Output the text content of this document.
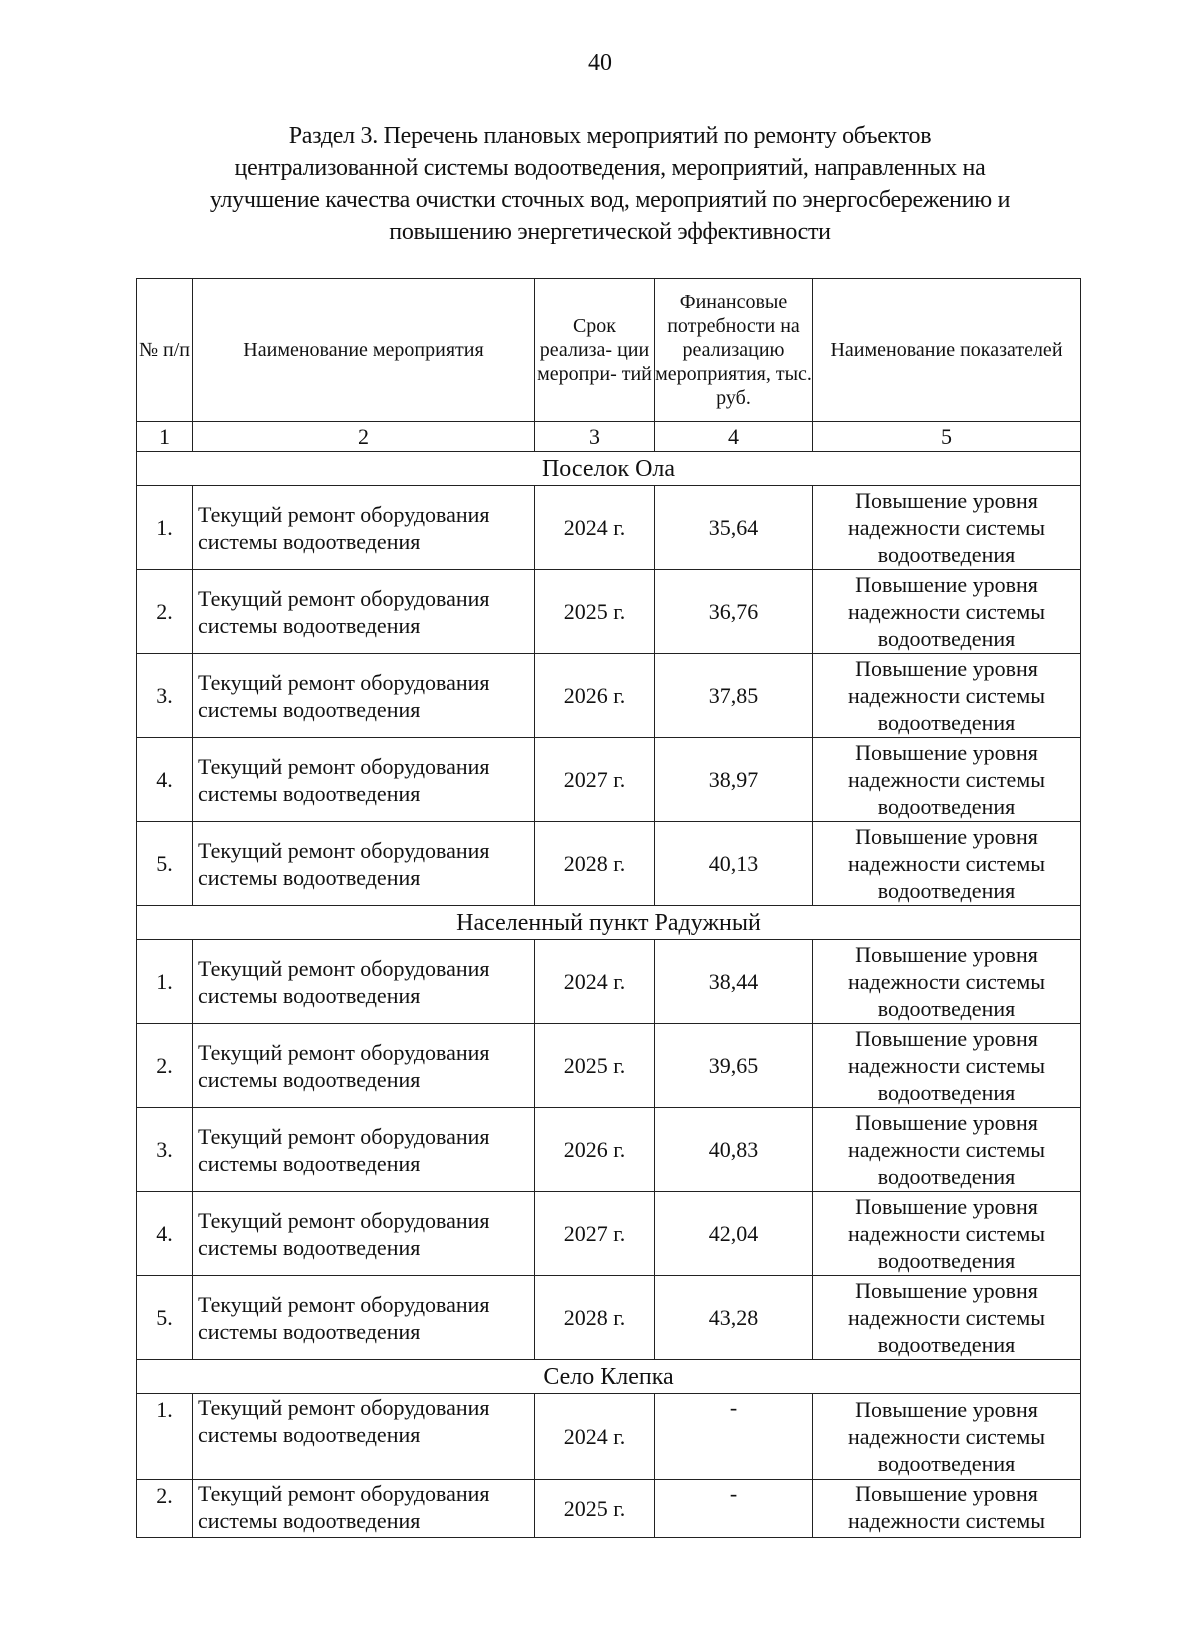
40
Раздел 3. Перечень плановых мероприятий по ремонту объектов
централизованной системы водоотведения, мероприятий, направленных на
улучшение качества очистки сточных вод, мероприятий по энергосбережению и
повышению энергетической эффективности
№ п/п	Наименование мероприятия	Срок реализа- ции меропри- тий	Финансовые потребности на реализацию мероприятия, тыс. руб.	Наименование показателей
1	2	3	4	5
Поселок Ола				
1.	Текущий ремонт оборудования системы водоотведения	2024 г.	35,64	Повышение уровня
надежности системы
водоотведения

2.	Текущий ремонт оборудования системы водоотведения	2025 г.	36,76	Повышение уровня
надежности системы
водоотведения

3.	Текущий ремонт оборудования системы водоотведения	2026 г.	37,85	Повышение уровня
надежности системы
водоотведения

4.	Текущий ремонт оборудования системы водоотведения	2027 г.	38,97	Повышение уровня
надежности системы
водоотведения

5.	Текущий ремонт оборудования системы водоотведения	2028 г.	40,13	Повышение уровня
надежности системы
водоотведения

Населенный пункт Радужный				
1.	Текущий ремонт оборудования системы водоотведения	2024 г.	38,44	Повышение уровня
надежности системы
водоотведения

2.	Текущий ремонт оборудования системы водоотведения	2025 г.	39,65	Повышение уровня
надежности системы
водоотведения

3.	Текущий ремонт оборудования системы водоотведения	2026 г.	40,83	Повышение уровня
надежности системы
водоотведения

4.	Текущий ремонт оборудования системы водоотведения	2027 г.	42,04	Повышение уровня
надежности системы
водоотведения

5.	Текущий ремонт оборудования системы водоотведения	2028 г.	43,28	Повышение уровня
надежности системы
водоотведения

Село Клепка				
1.	Текущий ремонт оборудования системы водоотведения	2024 г.	-	Повышение уровня
надежности системы
водоотведения

2.	Текущий ремонт оборудования системы водоотведения	2025 г.	-	Повышение уровня
надежности системы
